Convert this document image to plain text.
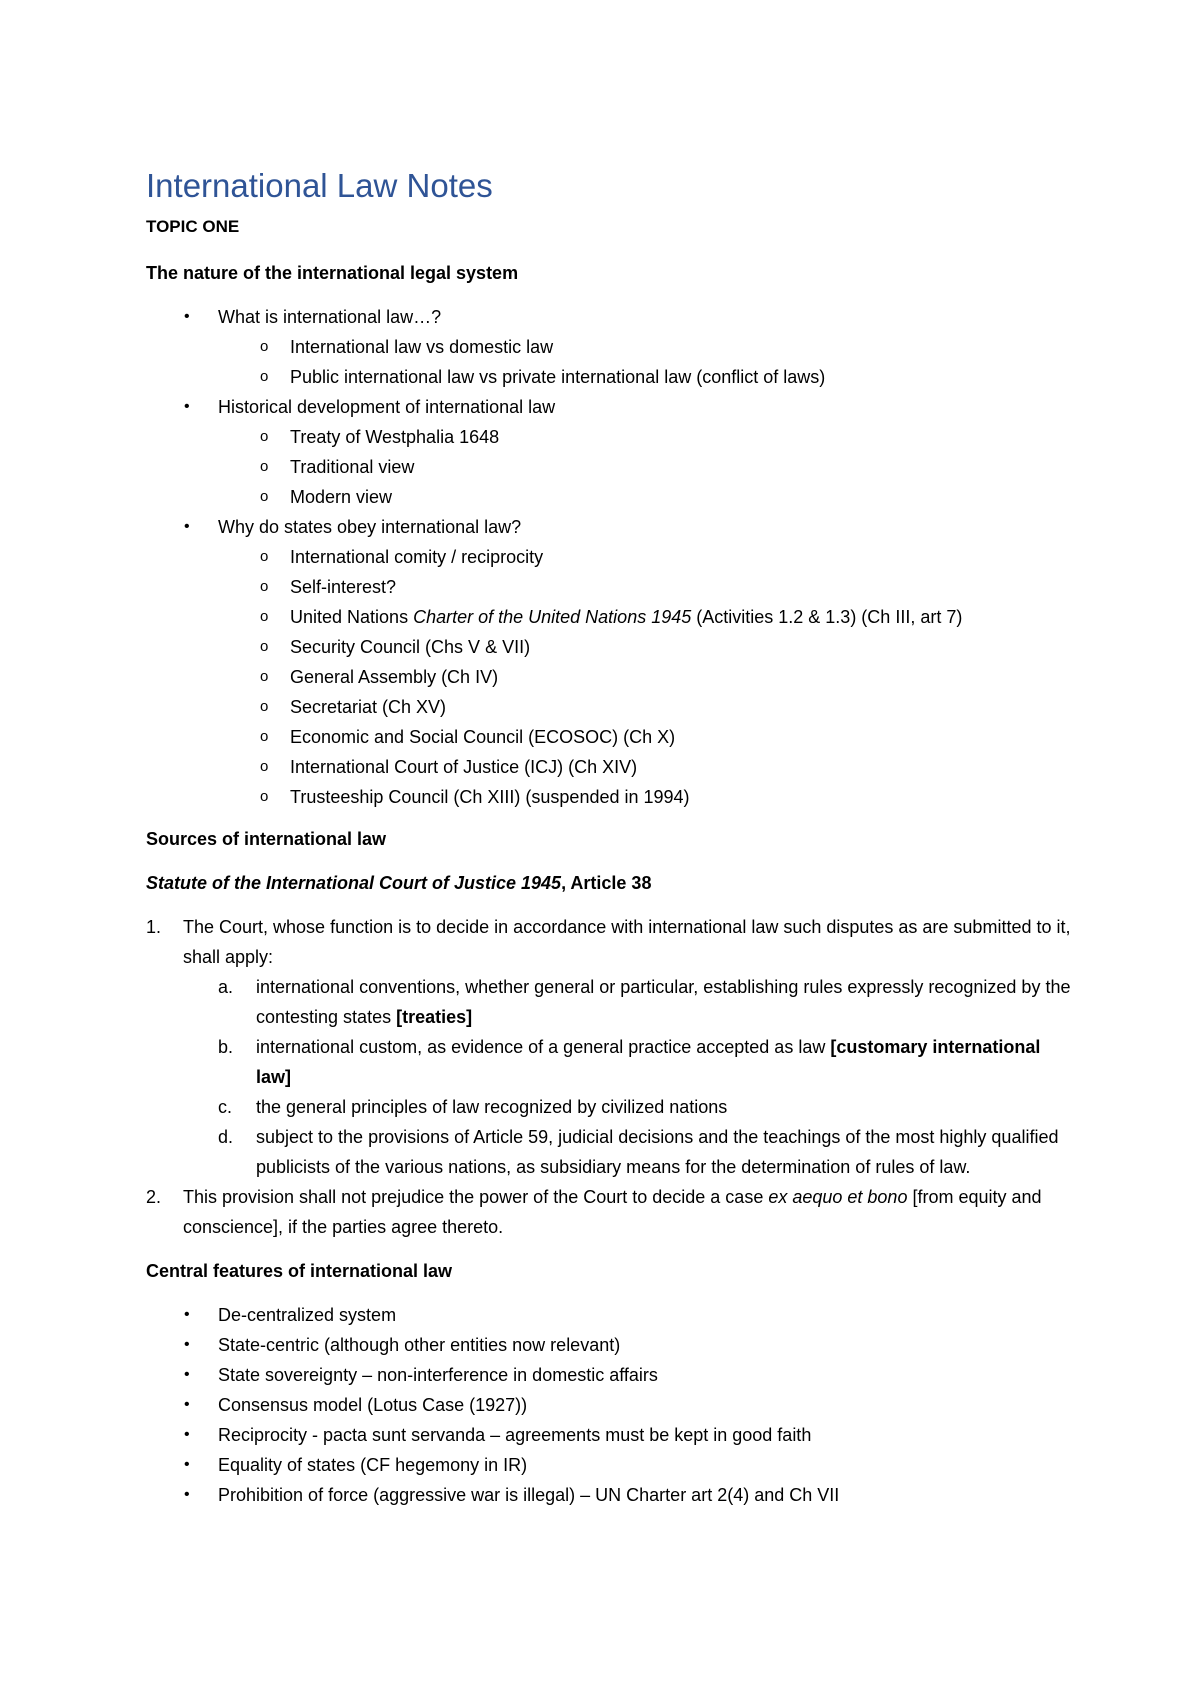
International Law Notes
TOPIC ONE
The nature of the international legal system
• What is international law…?
o International law vs domestic law
o Public international law vs private international law (conflict of laws)
• Historical development of international law
o Treaty of Westphalia 1648
o Traditional view
o Modern view
• Why do states obey international law?
o International comity / reciprocity
o Self-interest?
o United Nations Charter of the United Nations 1945 (Activities 1.2 & 1.3) (Ch III, art 7)
o Security Council (Chs V & VII)
o General Assembly (Ch IV)
o Secretariat (Ch XV)
o Economic and Social Council (ECOSOC) (Ch X)
o International Court of Justice (ICJ) (Ch XIV)
o Trusteeship Council (Ch XIII) (suspended in 1994)
Sources of international law
Statute of the International Court of Justice 1945, Article 38
1. The Court, whose function is to decide in accordance with international law such disputes as are submitted to it, shall apply:
a. international conventions, whether general or particular, establishing rules expressly recognized by the contesting states [treaties]
b. international custom, as evidence of a general practice accepted as law [customary international law]
c. the general principles of law recognized by civilized nations
d. subject to the provisions of Article 59, judicial decisions and the teachings of the most highly qualified publicists of the various nations, as subsidiary means for the determination of rules of law.
2. This provision shall not prejudice the power of the Court to decide a case ex aequo et bono [from equity and conscience], if the parties agree thereto.
Central features of international law
• De-centralized system
• State-centric (although other entities now relevant)
• State sovereignty – non-interference in domestic affairs
• Consensus model (Lotus Case (1927))
• Reciprocity - pacta sunt servanda – agreements must be kept in good faith
• Equality of states (CF hegemony in IR)
• Prohibition of force (aggressive war is illegal) – UN Charter art 2(4) and Ch VII
